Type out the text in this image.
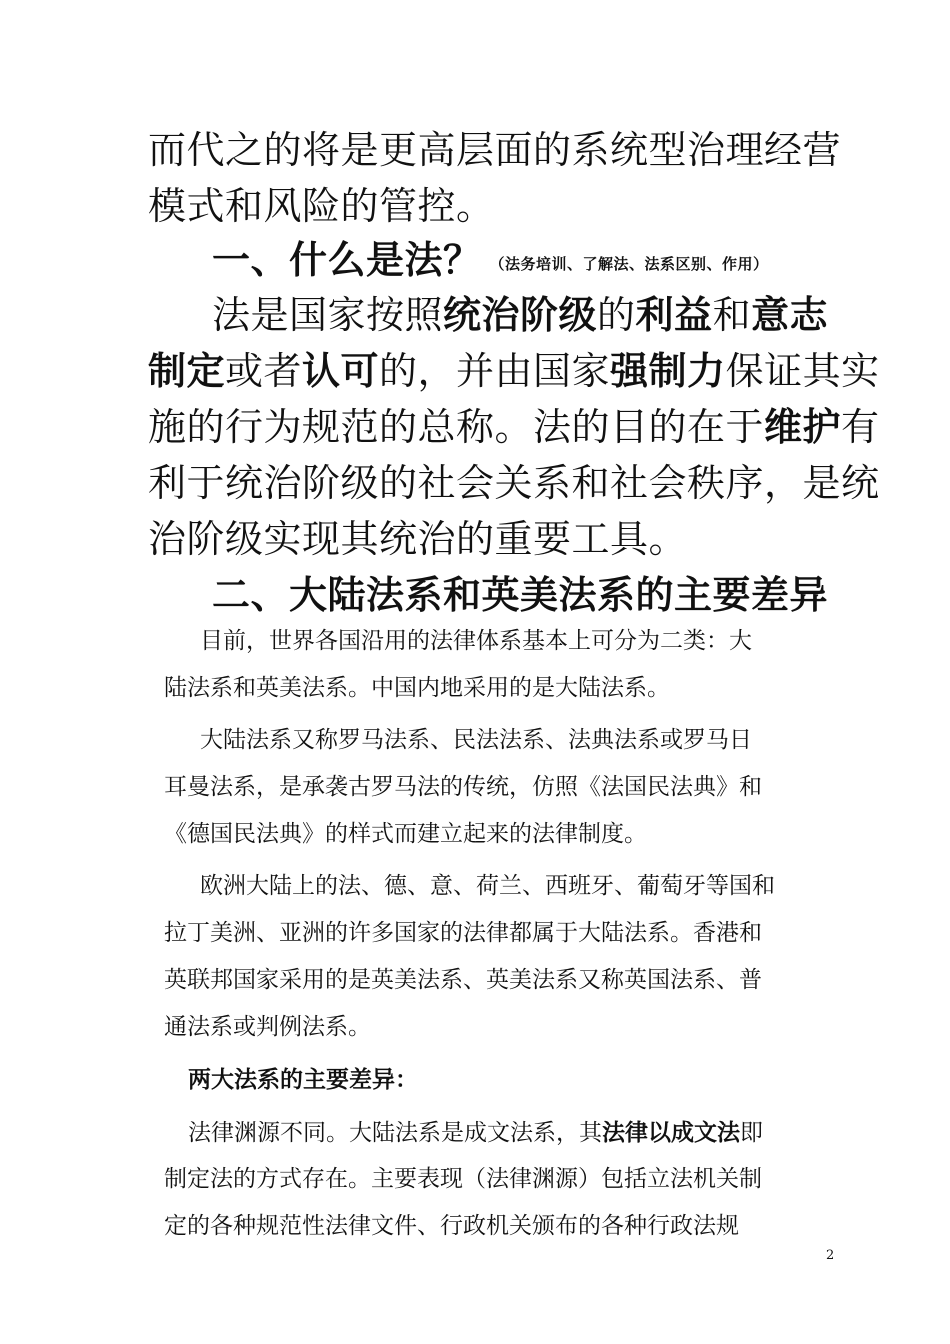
而代之的将是更高层面的系统型治理经营
模式和风险的管控。
一、什么是法？ （法务培训、了解法、法系区别、作用）
法是国家按照统治阶级的利益和意志
制定或者认可的，并由国家强制力保证其实
施的行为规范的总称。法的目的在于维护有
利于统治阶级的社会关系和社会秩序，是统
治阶级实现其统治的重要工具。
二、大陆法系和英美法系的主要差异
目前，世界各国沿用的法律体系基本上可分为二类：大
陆法系和英美法系。中国内地采用的是大陆法系。
大陆法系又称罗马法系、民法法系、法典法系或罗马日
耳曼法系，是承袭古罗马法的传统，仿照《法国民法典》和
《德国民法典》的样式而建立起来的法律制度。
欧洲大陆上的法、德、意、荷兰、西班牙、葡萄牙等国和
拉丁美洲、亚洲的许多国家的法律都属于大陆法系。香港和
英联邦国家采用的是英美法系、英美法系又称英国法系、普
通法系或判例法系。
两大法系的主要差异：
法律渊源不同。大陆法系是成文法系，其法律以成文法即
制定法的方式存在。主要表现（法律渊源）包括立法机关制
定的各种规范性法律文件、行政机关颁布的各种行政法规
2
